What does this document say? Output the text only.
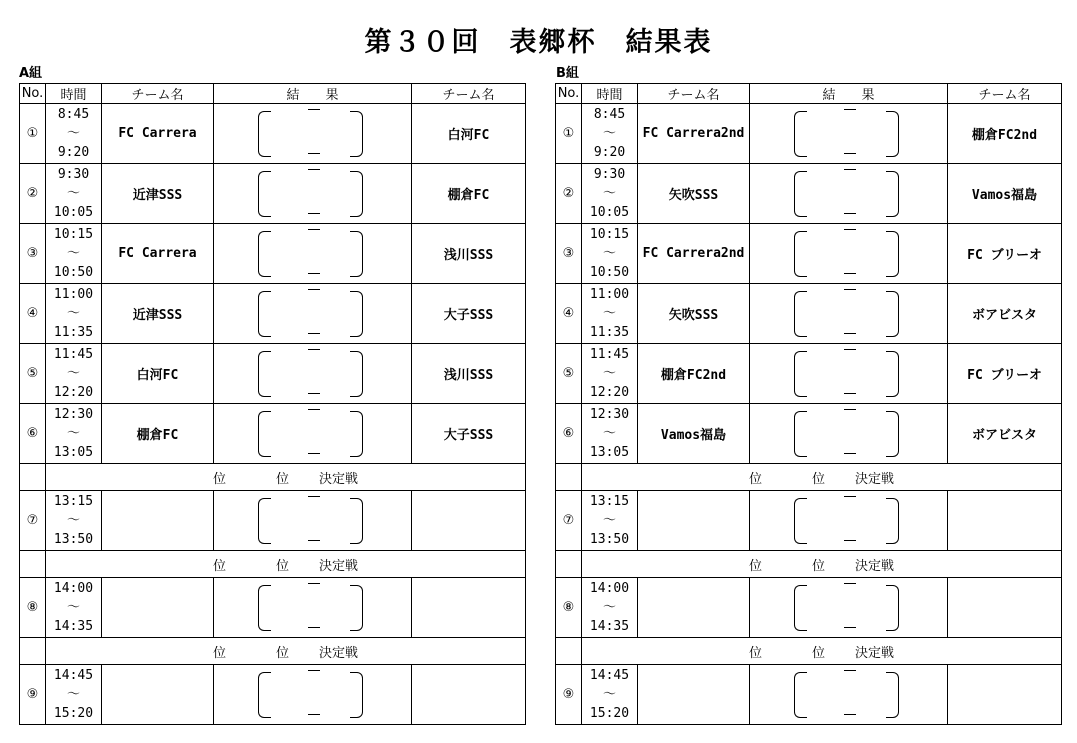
第３０回　表郷杯　結果表
A組	B組
No.	時間	チーム名	結　　果	チーム名
①	8:45
～
9:20	FC Carrera		白河FC
②	9:30
～
10:05	近津SSS		棚倉FC
③	10:15
～
10:50	FC Carrera		浅川SSS
④	11:00
～
11:35	近津SSS		大子SSS
⑤	11:45
～
12:20	白河FC		浅川SSS
⑥	12:30
～
13:05	棚倉FC		大子SSS
	位 位 決定戦			
⑦	13:15
～
13:50			

	位 位 決定戦			
⑧	14:00
～
14:35			

	位 位 決定戦			
⑨	14:45
～
15:20			

No.	時間	チーム名	結　　果	チーム名
①	8:45
～
9:20	FC Carrera2nd		棚倉FC2nd
②	9:30
～
10:05	矢吹SSS		Vamos福島
③	10:15
～
10:50	FC Carrera2nd		FC ブリーオ
④	11:00
～
11:35	矢吹SSS		ボアビスタ
⑤	11:45
～
12:20	棚倉FC2nd		FC ブリーオ
⑥	12:30
～
13:05	Vamos福島		ボアビスタ
	位 位 決定戦			
⑦	13:15
～
13:50			

	位 位 決定戦			
⑧	14:00
～
14:35			

	位 位 決定戦			
⑨	14:45
～
15:20			
